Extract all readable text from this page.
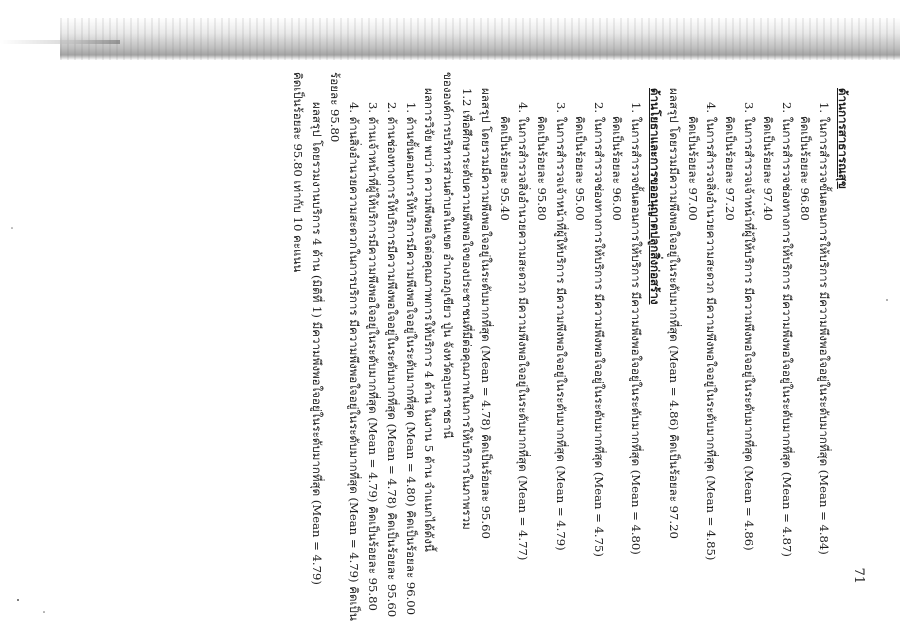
71
ด้านการสาธารณสุข
1. ในการสำรวจขั้นตอนการให้บริการ มีความพึงพอใจอยู่ในระดับมากที่สุด (Mean = 4.84)
คิดเป็นร้อยละ 96.80
2. ในการสำรวจช่องทางการให้บริการ มีความพึงพอใจอยู่ในระดับมากที่สุด (Mean = 4.87)
คิดเป็นร้อยละ 97.40
3. ในการสำรวจเจ้าหน้าที่ผู้ให้บริการ มีความพึงพอใจอยู่ในระดับมากที่สุด (Mean = 4.86)
คิดเป็นร้อยละ 97.20
4. ในการสำรวจสิ่งอำนวยความสะดวก มีความพึงพอใจอยู่ในระดับมากที่สุด (Mean = 4.85)
คิดเป็นร้อยละ 97.00
ผลสรุป โดยรวมมีความพึงพอใจอยู่ในระดับมากที่สุด (Mean = 4.86) คิดเป็นร้อยละ 97.20
ด้านโยธาและการขออนุญาตปลูกสิ่งก่อสร้าง
1. ในการสำรวจขั้นตอนการให้บริการ มีความพึงพอใจอยู่ในระดับมากที่สุด (Mean = 4.80)
คิดเป็นร้อยละ 96.00
2. ในการสำรวจช่องทางการให้บริการ มีความพึงพอใจอยู่ในระดับมากที่สุด (Mean = 4.75)
คิดเป็นร้อยละ 95.00
3. ในการสำรวจเจ้าหน้าที่ผู้ให้บริการ มีความพึงพอใจอยู่ในระดับมากที่สุด (Mean = 4.79)
คิดเป็นร้อยละ 95.80
4. ในการสำรวจสิ่งอำนวยความสะดวก มีความพึงพอใจอยู่ในระดับมากที่สุด (Mean = 4.77)
คิดเป็นร้อยละ 95.40
ผลสรุป โดยรวมมีความพึงพอใจอยู่ในระดับมากที่สุด (Mean = 4.78) คิดเป็นร้อยละ 95.60
1.2 เพื่อศึกษาระดับความพึงพอใจของประชาชนที่มีต่อคุณภาพในการให้บริการในภาพรวม
ขององค์การบริหารส่วนตำบลในเขต อำเภอภูเขียว ปู่น จังหวัดอุบลราชธานี
ผลการวิจัย พบว่า ความพึงพอใจต่อคุณภาพการให้บริการ 4 ด้าน ในงาน 5 ด้าน จำแนกได้ดังนี้
1. ด้านขั้นตอนการให้บริการมีความพึงพอใจอยู่ในระดับมากที่สุด (Mean = 4.80) คิดเป็นร้อยละ 96.00
2. ด้านช่องทางการให้บริการมีความพึงพอใจอยู่ในระดับมากที่สุด (Mean = 4.78) คิดเป็นร้อยละ 95.60
3. ด้านเจ้าหน้าที่ผู้ให้บริการมีความพึงพอใจอยู่ในระดับมากที่สุด (Mean = 4.79) คิดเป็นร้อยละ 95.80
4. ด้านสิ่งอำนวยความสะดวกในการบริการ มีความพึงพอใจอยู่ในระดับมากที่สุด (Mean = 4.79) คิดเป็น
ร้อยละ 95.80
ผลสรุป โดยรวมงานบริการ 4 ด้าน (มิติที่ 1) มีความพึงพอใจอยู่ในระดับมากที่สุด (Mean = 4.79)
คิดเป็นร้อยละ 95.80 เท่ากับ 10 คะแนน
